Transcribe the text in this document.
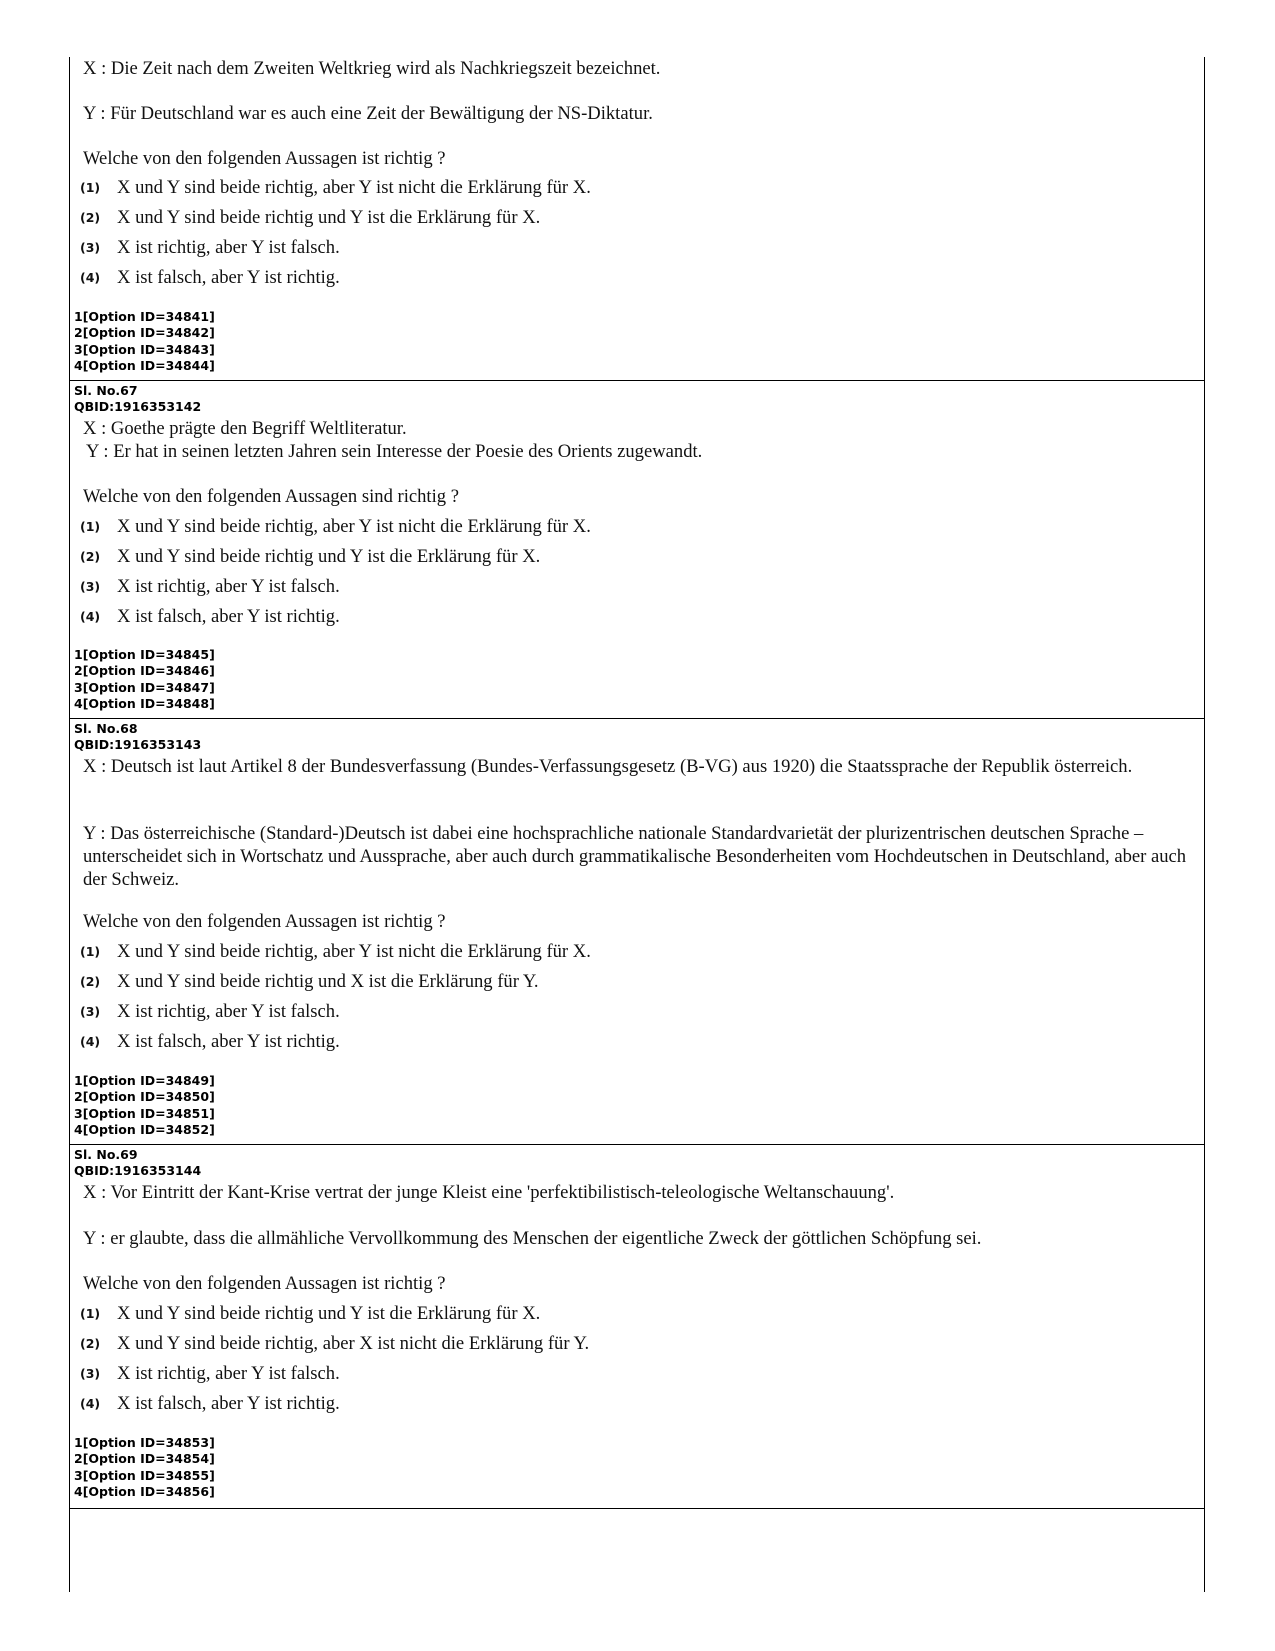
X : Die Zeit nach dem Zweiten Weltkrieg wird als Nachkriegszeit bezeichnet.
Y : Für Deutschland war es auch eine Zeit der Bewältigung der NS-Diktatur.
Welche von den folgenden Aussagen ist richtig ?
(1) X und Y sind beide richtig, aber Y ist nicht die Erklärung für X.
(2) X und Y sind beide richtig und Y ist die Erklärung für X.
(3) X ist richtig, aber Y ist falsch.
(4) X ist falsch, aber Y ist richtig.
1[Option ID=34841]
2[Option ID=34842]
3[Option ID=34843]
4[Option ID=34844]
Sl. No.67
QBID:1916353142
X : Goethe prägte den Begriff Weltliteratur.
Y : Er hat in seinen letzten Jahren sein Interesse der Poesie des Orients zugewandt.
Welche von den folgenden Aussagen sind richtig ?
(1) X und Y sind beide richtig, aber Y ist nicht die Erklärung für X.
(2) X und Y sind beide richtig und Y ist die Erklärung für X.
(3) X ist richtig, aber Y ist falsch.
(4) X ist falsch, aber Y ist richtig.
1[Option ID=34845]
2[Option ID=34846]
3[Option ID=34847]
4[Option ID=34848]
Sl. No.68
QBID:1916353143
X : Deutsch ist laut Artikel 8 der Bundesverfassung (Bundes-Verfassungsgesetz (B-VG) aus 1920) die Staatssprache der Republik österreich.
Y : Das österreichische (Standard-)Deutsch ist dabei eine hochsprachliche nationale Standardvarietät der plurizentrischen deutschen Sprache – unterscheidet sich in Wortschatz und Aussprache, aber auch durch grammatikalische Besonderheiten vom Hochdeutschen in Deutschland, aber auch der Schweiz.
Welche von den folgenden Aussagen ist richtig ?
(1) X und Y sind beide richtig, aber Y ist nicht die Erklärung für X.
(2) X und Y sind beide richtig und X ist die Erklärung für Y.
(3) X ist richtig, aber Y ist falsch.
(4) X ist falsch, aber Y ist richtig.
1[Option ID=34849]
2[Option ID=34850]
3[Option ID=34851]
4[Option ID=34852]
Sl. No.69
QBID:1916353144
X : Vor Eintritt der Kant-Krise vertrat der junge Kleist eine 'perfektibilistisch-teleologische Weltanschauung'.
Y : er glaubte, dass die allmähliche Vervollkommung des Menschen der eigentliche Zweck der göttlichen Schöpfung sei.
Welche von den folgenden Aussagen ist richtig ?
(1) X und Y sind beide richtig und Y ist die Erklärung für X.
(2) X und Y sind beide richtig, aber X ist nicht die Erklärung für Y.
(3) X ist richtig, aber Y ist falsch.
(4) X ist falsch, aber Y ist richtig.
1[Option ID=34853]
2[Option ID=34854]
3[Option ID=34855]
4[Option ID=34856]
